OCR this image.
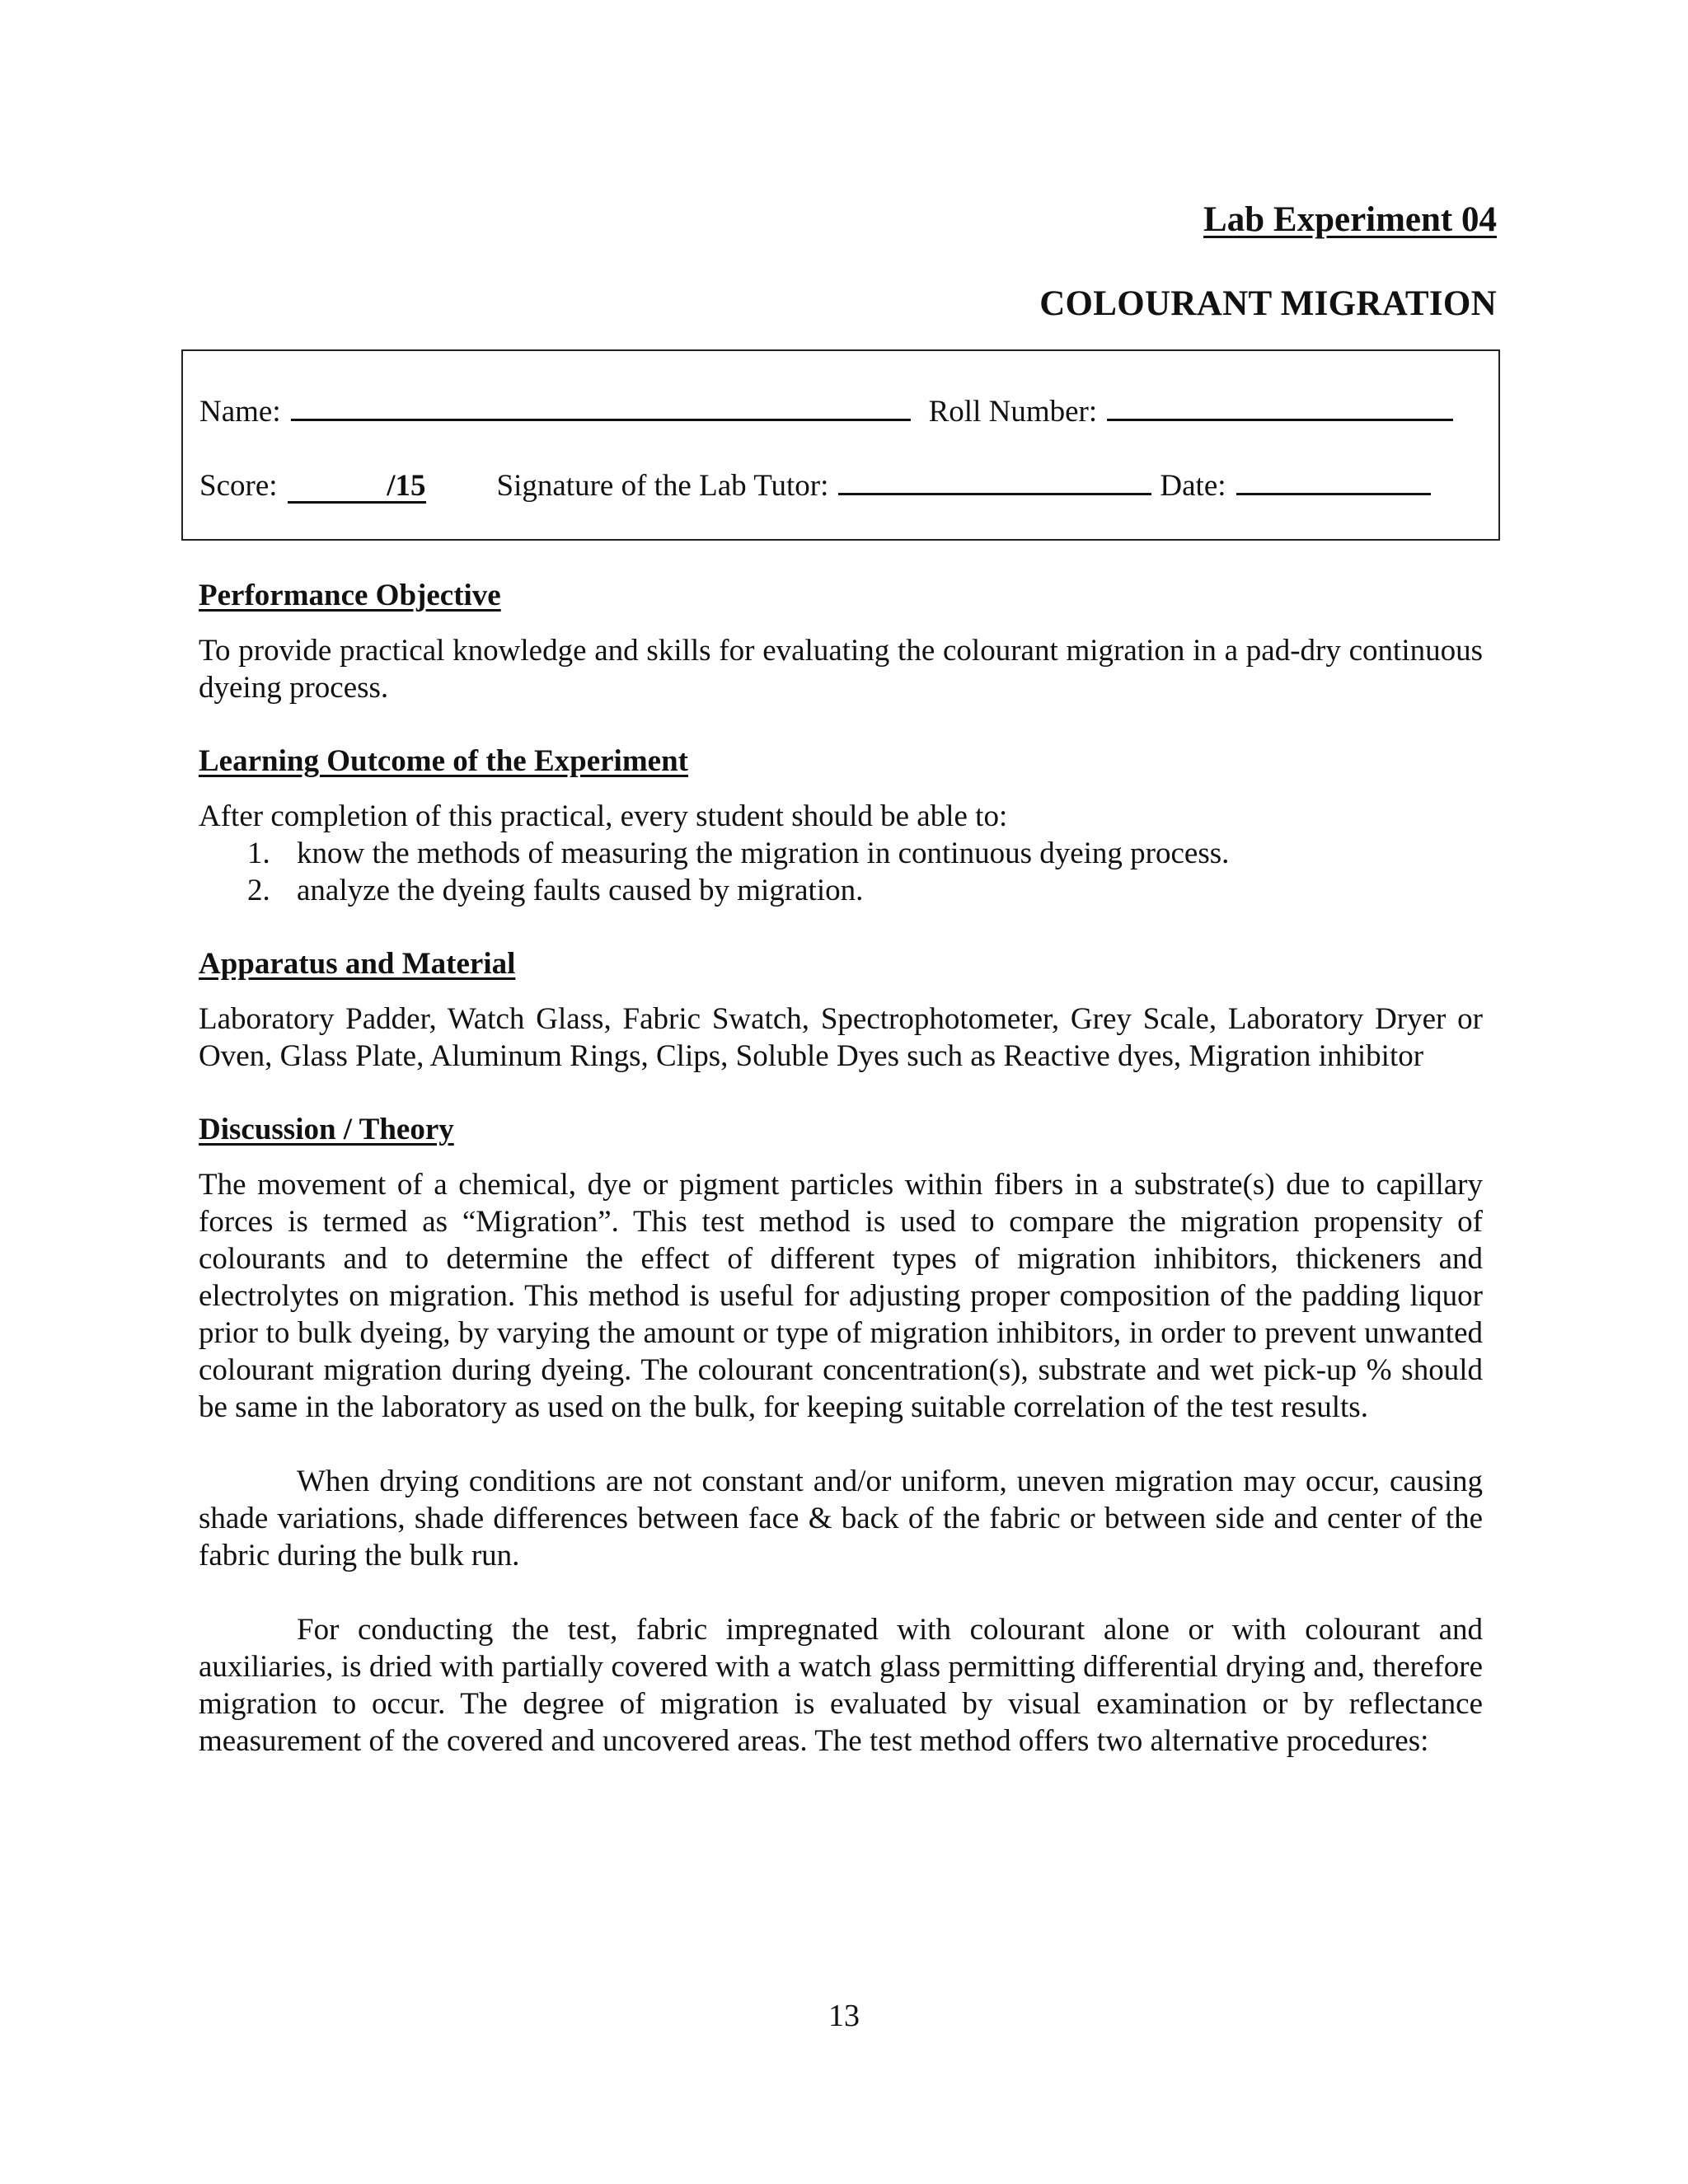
Lab Experiment 04
COLOURANT MIGRATION
Name:	Roll Number:
Score:	/15 Signature of the Lab Tutor:	Date:
Performance Objective

To provide practical knowledge and skills for evaluating the colourant migration in a pad-dry continuous dyeing process.

Learning Outcome of the Experiment

After completion of this practical, every student should be able to:

1. know the methods of measuring the migration in continuous dyeing process.
2. analyze the dyeing faults caused by migration.
Apparatus and Material

Laboratory Padder, Watch Glass, Fabric Swatch, Spectrophotometer, Grey Scale, Laboratory Dryer or Oven, Glass Plate, Aluminum Rings, Clips, Soluble Dyes such as Reactive dyes, Migration inhibitor

Discussion / Theory

The movement of a chemical, dye or pigment particles within fibers in a substrate(s) due to capillary forces is termed as “Migration”. This test method is used to compare the migration propensity of colourants and to determine the effect of different types of migration inhibitors, thickeners and electrolytes on migration. This method is useful for adjusting proper composition of the padding liquor prior to bulk dyeing, by varying the amount or type of migration inhibitors, in order to prevent unwanted colourant migration during dyeing. The colourant concentration(s), substrate and wet pick-up % should be same in the laboratory as used on the bulk, for keeping suitable correlation of the test results.

When drying conditions are not constant and/or uniform, uneven migration may occur, causing shade variations, shade differences between face & back of the fabric or between side and center of the fabric during the bulk run.

For conducting the test, fabric impregnated with colourant alone or with colourant and auxiliaries, is dried with partially covered with a watch glass permitting differential drying and, therefore migration to occur. The degree of migration is evaluated by visual examination or by reflectance measurement of the covered and uncovered areas. The test method offers two alternative procedures:

13
